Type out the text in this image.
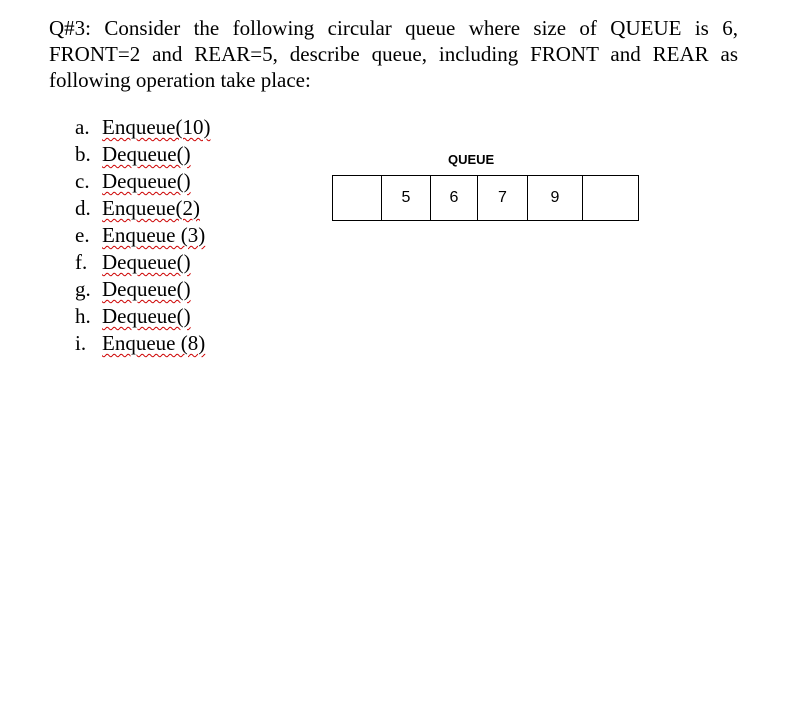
Q#3: Consider the following circular queue where size of QUEUE is 6, FRONT=2 and REAR=5, describe queue, including FRONT and REAR as following operation take place:

a. Enqueue(10)
b. Dequeue()
c. Dequeue()
d. Enqueue(2)
e. Enqueue (3)
f. Dequeue()
g. Dequeue()
h. Dequeue()
i. Enqueue (8)
QUEUE
5	6	7	9
